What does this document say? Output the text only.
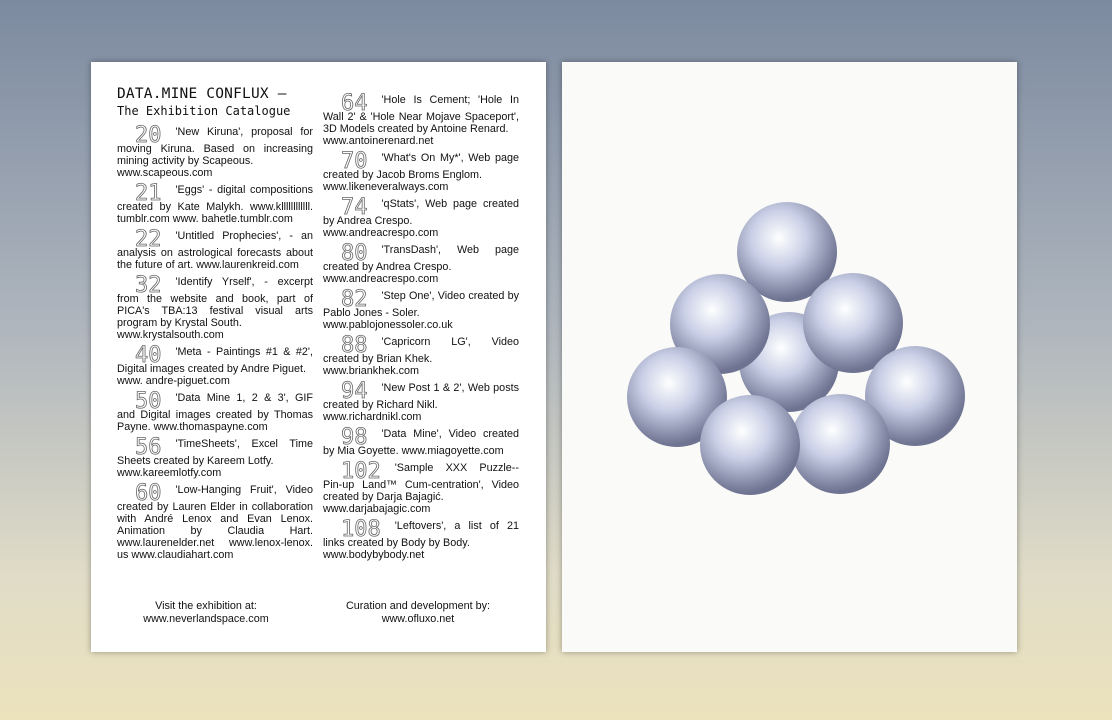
DATA.MINE CONFLUX —
The Exhibition Catalogue
20 'New Kiruna', proposal for moving Kiruna. Based on increasing mining activity by Scapeous.
www.scapeous.com
21 'Eggs' - digital compositions created by Kate Malykh. www.kllllllllllll. tumblr.com www. bahetle.tumblr.com
22 'Untitled Prophecies', - an analysis on astrological forecasts about the future of art. www.laurenkreid.com
32 'Identify Yrself', - excerpt from the website and book, part of PICA's TBA:13 festival visual arts program by Krystal South.
www.krystalsouth.com
40 'Meta - Paintings #1 & #2', Digital images created by Andre Piguet.
www. andre-piguet.com
50 'Data Mine 1, 2 & 3', GIF and Digital images created by Thomas Payne. www.thomaspayne.com
56 'TimeSheets', Excel Time Sheets created by Kareem Lotfy.
www.kareemlotfy.com
60 'Low-Hanging Fruit', Video created by Lauren Elder in collaboration with André Lenox and Evan Lenox. Animation by Claudia Hart. www.laurenelder.net www.lenox-lenox. us www.claudiahart.com
64 'Hole Is Cement; 'Hole In Wall 2' & 'Hole Near Mojave Spaceport', 3D Models created by Antoine Renard.
www.antoinerenard.net
70 'What's On My*', Web page created by Jacob Broms Englom.
www.likeneveralways.com
74 'qStats', Web page created by Andrea Crespo.
www.andreacrespo.com
80 'TransDash', Web page created by Andrea Crespo.
www.andreacrespo.com
82 'Step One', Video created by Pablo Jones - Soler.
www.pablojonessoler.co.uk
88 'Capricorn LG', Video created by Brian Khek.
www.briankhek.com
94 'New Post 1 & 2', Web posts created by Richard Nikl.
www.richardnikl.com
98 'Data Mine', Video created by Mia Goyette. www.miagoyette.com
102 'Sample XXX Puzzle-- Pin-up Land™ Cum-centration', Video created by Darja Bajagić.
www.darjabajagic.com
108 'Leftovers', a list of 21 links created by Body by Body.
www.bodybybody.net
Visit the exhibition at:
www.neverlandspace.com
Curation and development by:
www.ofluxo.net
